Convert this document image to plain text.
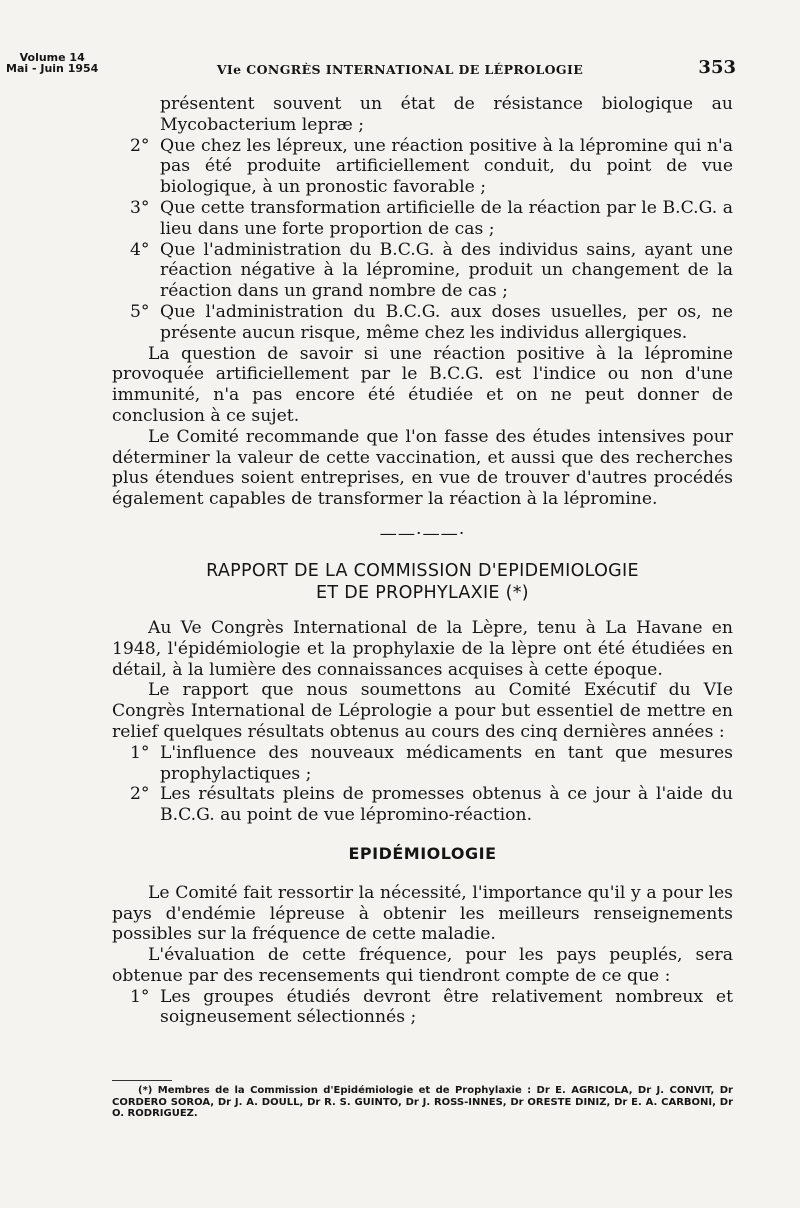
Volume 14
Mai - Juin 1954	VIe CONGRÈS INTERNATIONAL DE LÉPROLOGIE	353

présentent souvent un état de résistance biologique au Mycobacterium lepræ ;

2° Que chez les lépreux, une réaction positive à la lépromine qui n'a pas été produite artificiellement conduit, du point de vue biologique, à un pronostic favorable ;

3° Que cette transformation artificielle de la réaction par le B.C.G. a lieu dans une forte proportion de cas ;

4° Que l'administration du B.C.G. à des individus sains, ayant une réaction négative à la lépromine, produit un changement de la réaction dans un grand nombre de cas ;

5° Que l'administration du B.C.G. aux doses usuelles, per os, ne présente aucun risque, même chez les individus allergiques.

La question de savoir si une réaction positive à la lépromine provoquée artificiellement par le B.C.G. est l'indice ou non d'une immunité, n'a pas encore été étudiée et on ne peut donner de conclusion à ce sujet.

Le Comité recommande que l'on fasse des études intensives pour déterminer la valeur de cette vaccination, et aussi que des recherches plus étendues soient entreprises, en vue de trouver d'autres procédés également capables de transformer la réaction à la lépromine.

——·——·
RAPPORT DE LA COMMISSION D'EPIDEMIOLOGIE
ET DE PROPHYLAXIE (*)

Au Ve Congrès International de la Lèpre, tenu à La Havane en 1948, l'épidémiologie et la prophylaxie de la lèpre ont été étudiées en détail, à la lumière des connaissances acquises à cette époque.

Le rapport que nous soumettons au Comité Exécutif du VIe Congrès International de Léprologie a pour but essentiel de mettre en relief quelques résultats obtenus au cours des cinq dernières années :

1° L'influence des nouveaux médicaments en tant que mesures prophylactiques ;

2° Les résultats pleins de promesses obtenus à ce jour à l'aide du B.C.G. au point de vue lépromino-réaction.

EPIDÉMIOLOGIE

Le Comité fait ressortir la nécessité, l'importance qu'il y a pour les pays d'endémie lépreuse à obtenir les meilleurs renseignements possibles sur la fréquence de cette maladie.

L'évaluation de cette fréquence, pour les pays peuplés, sera obtenue par des recensements qui tiendront compte de ce que :

1° Les groupes étudiés devront être relativement nombreux et soigneusement sélectionnés ;

(*) Membres de la Commission d'Epidémiologie et de Prophylaxie : Dr E. AGRICOLA, Dr J. CONVIT, Dr CORDERO SOROA, Dr J. A. DOULL, Dr R. S. GUINTO, Dr J. ROSS-INNES, Dr ORESTE DINIZ, Dr E. A. CARBONI, Dr O. RODRIGUEZ.
